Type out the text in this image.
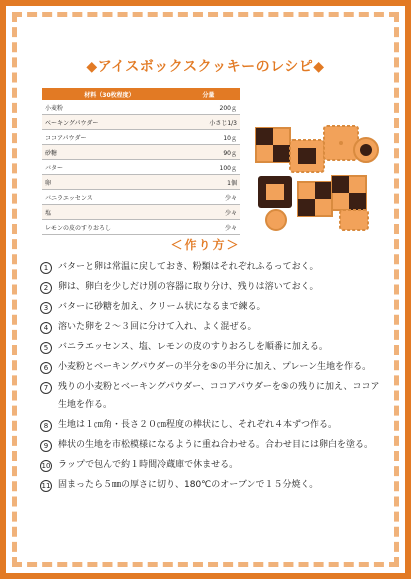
◆アイスボックスクッキーのレシピ◆
材料（30枚程度）	分量
小麦粉	200ｇ
ベーキングパウダー	小さじ1/3
ココアパウダー	10ｇ
砂糖	90ｇ
バター	100ｇ
卵	1個
バニラエッセンス	少々
塩	少々
レモンの皮のすりおろし	少々
＜作り方＞
1	バターと卵は常温に戻しておき、粉類はそれぞれふるっておく。
2	卵は、卵白を少しだけ別の容器に取り分け、残りは溶いておく。
3	バターに砂糖を加え、クリーム状になるまで練る。
4	溶いた卵を２～３回に分けて入れ、よく混ぜる。
5	バニラエッセンス、塩、レモンの皮のすりおろしを順番に加える。
6	小麦粉とベーキングパウダーの半分を⑤の半分に加え、プレーン生地を作る。
7	残りの小麦粉とベーキングパウダー、ココアパウダーを⑤の残りに加え、ココア生地を作る。
8	生地は１㎝角・長さ２０㎝程度の棒状にし、それぞれ４本ずつ作る。
9	棒状の生地を市松模様になるように重ね合わせる。合わせ目には卵白を塗る。
10 ラップで包んで約１時間冷蔵庫で休ませる。
11 固まったら５㎜の厚さに切り、180℃のオーブンで１５分焼く。
